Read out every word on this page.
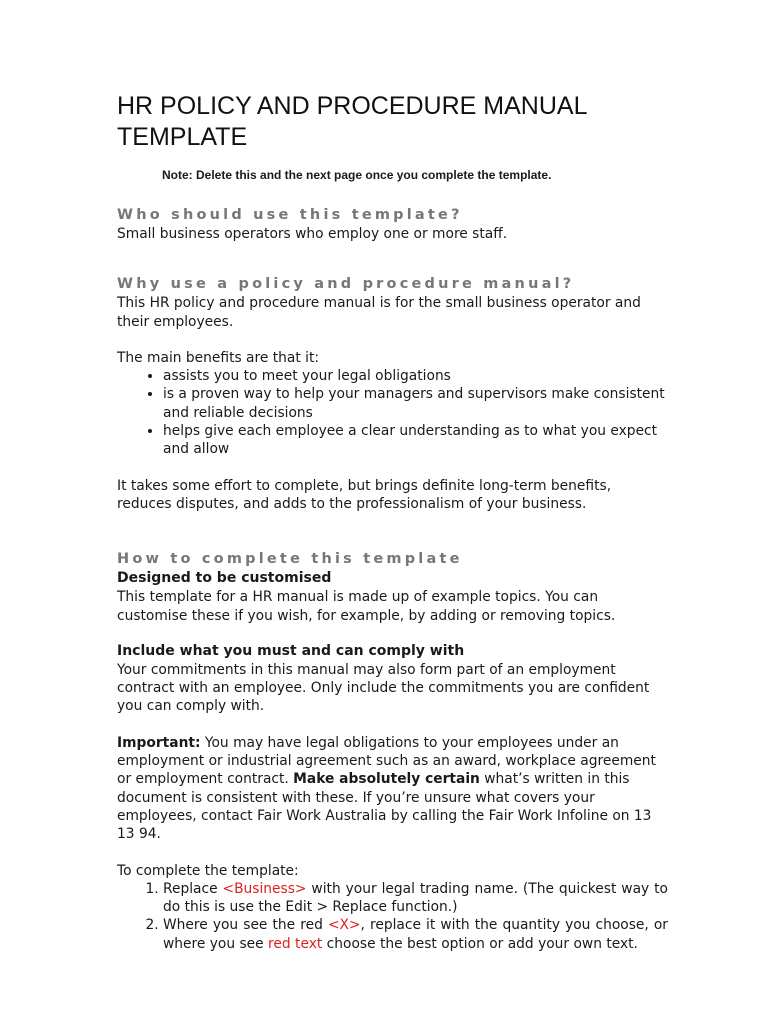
HR POLICY AND PROCEDURE MANUAL TEMPLATE
Note: Delete this and the next page once you complete the template.
Who should use this template?

Small business operators who employ one or more staff.

Why use a policy and procedure manual?

This HR policy and procedure manual is for the small business operator and their employees.

The main benefits are that it:

• assists you to meet your legal obligations
• is a proven way to help your managers and supervisors make consistent and reliable decisions
• helps give each employee a clear understanding as to what you expect and allow

It takes some effort to complete, but brings definite long-term benefits, reduces disputes, and adds to the professionalism of your business.

How to complete this template
Designed to be customised

This template for a HR manual is made up of example topics. You can customise these if you wish, for example, by adding or removing topics.

Include what you must and can comply with

Your commitments in this manual may also form part of an employment contract with an employee. Only include the commitments you are confident you can comply with.

Important: You may have legal obligations to your employees under an employment or industrial agreement such as an award, workplace agreement or employment contract. Make absolutely certain what’s written in this document is consistent with these. If you’re unsure what covers your employees, contact Fair Work Australia by calling the Fair Work Infoline on 13 13 94.

To complete the template:

1. Replace <Business> with your legal trading name. (The quickest way to do this is use the Edit > Replace function.)
2. Where you see the red <X>, replace it with the quantity you choose, or where you see red text choose the best option or add your own text.
